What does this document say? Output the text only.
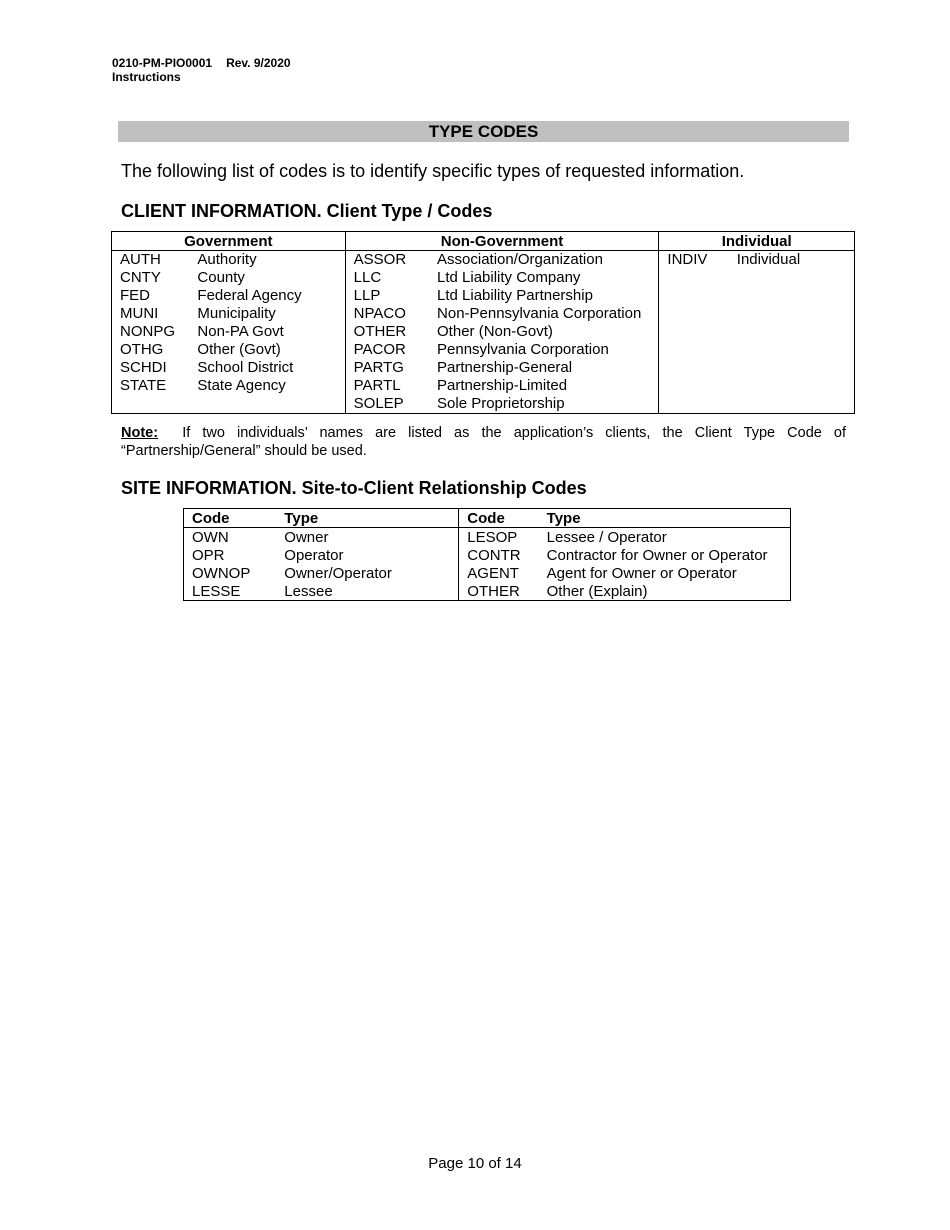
0210-PM-PIO0001 Rev. 9/2020
Instructions
TYPE CODES
The following list of codes is to identify specific types of requested information.
CLIENT INFORMATION. Client Type / Codes
Government		Non-Government		Individual	
AUTH	Authority	ASSOR	Association/Organization	INDIV	Individual
CNTY	County	LLC	Ltd Liability Company		
FED	Federal Agency	LLP	Ltd Liability Partnership		
MUNI	Municipality	NPACO	Non-Pennsylvania Corporation		
NONPG	Non-PA Govt	OTHER	Other (Non-Govt)		
OTHG	Other (Govt)	PACOR	Pennsylvania Corporation		
SCHDI	School District	PARTG	Partnership-General		
STATE	State Agency	PARTL	Partnership-Limited		
		SOLEP	Sole Proprietorship		
Note: If two individuals’ names are listed as the application’s clients, the Client Type Code of “Partnership/General” should be used.
SITE INFORMATION. Site-to-Client Relationship Codes
Code	Type	Code	Type
OWN	Owner	LESOP	Lessee / Operator
OPR	Operator	CONTR	Contractor for Owner or Operator
OWNOP	Owner/Operator	AGENT	Agent for Owner or Operator
LESSE	Lessee	OTHER	Other (Explain)
Page 10 of 14
